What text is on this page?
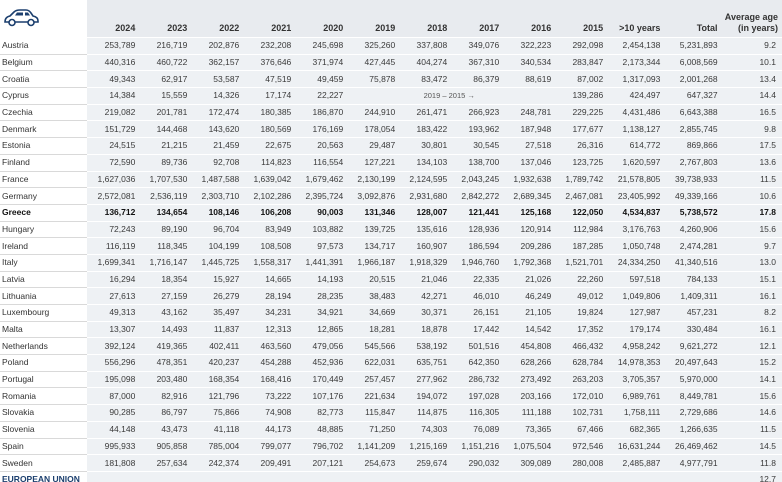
	2024	2023	2022	2021	2020	2019	2018	2017	2016	2015	>10 years	Total	Average age
(in years)
Austria	253,789	216,719	202,876	232,208	245,698	325,260	337,808	349,076	322,223	292,098	2,454,138	5,231,893	9.2
Belgium	440,316	460,722	362,157	376,646	371,974	427,445	404,274	367,310	340,534	283,847	2,173,344	6,008,569	10.1
Croatia	49,343	62,917	53,587	47,519	49,459	75,878	83,472	86,379	88,619	87,002	1,317,093	2,001,268	13.4
Cyprus	14,384	15,559	14,326	17,174	22,227	2019 – 2015 →				139,286	424,497	647,327	14.4
Czechia	219,082	201,781	172,474	180,385	186,870	244,910	261,471	266,923	248,781	229,225	4,431,486	6,643,388	16.5
Denmark	151,729	144,468	143,620	180,569	176,169	178,054	183,422	193,962	187,948	177,677	1,138,127	2,855,745	9.8
Estonia	24,515	21,215	21,459	22,675	20,563	29,487	30,801	30,545	27,518	26,316	614,772	869,866	17.5
Finland	72,590	89,736	92,708	114,823	116,554	127,221	134,103	138,700	137,046	123,725	1,620,597	2,767,803	13.6
France	1,627,036	1,707,530	1,487,588	1,639,042	1,679,462	2,130,199	2,124,595	2,043,245	1,932,638	1,789,742	21,578,805	39,738,933	11.5
Germany	2,572,081	2,536,119	2,303,710	2,102,286	2,395,724	3,092,876	2,931,680	2,842,272	2,689,345	2,467,081	23,405,992	49,339,166	10.6
Greece	136,712	134,654	108,146	106,208	90,003	131,346	128,007	121,441	125,168	122,050	4,534,837	5,738,572	17.8
Hungary	72,243	89,190	96,704	83,949	103,882	139,725	135,616	128,936	120,914	112,984	3,176,763	4,260,906	15.6
Ireland	116,119	118,345	104,199	108,508	97,573	134,717	160,907	186,594	209,286	187,285	1,050,748	2,474,281	9.7
Italy	1,699,341	1,716,147	1,445,725	1,558,317	1,441,391	1,966,187	1,918,329	1,946,760	1,792,368	1,521,701	24,334,250	41,340,516	13.0
Latvia	16,294	18,354	15,927	14,665	14,193	20,515	21,046	22,335	21,026	22,260	597,518	784,133	15.1
Lithuania	27,613	27,159	26,279	28,194	28,235	38,483	42,271	46,010	46,249	49,012	1,049,806	1,409,311	16.1
Luxembourg	49,313	43,162	35,497	34,231	34,921	34,669	30,371	26,151	21,105	19,824	127,987	457,231	8.2
Malta	13,307	14,493	11,837	12,313	12,865	18,281	18,878	17,442	14,542	17,352	179,174	330,484	16.1
Netherlands	392,124	419,365	402,411	463,560	479,056	545,566	538,192	501,516	454,808	466,432	4,958,242	9,621,272	12.1
Poland	556,296	478,351	420,237	454,288	452,936	622,031	635,751	642,350	628,266	628,784	14,978,353	20,497,643	15.2
Portugal	195,098	203,480	168,354	168,416	170,449	257,457	277,962	286,732	273,492	263,203	3,705,357	5,970,000	14.1
Romania	87,000	82,916	121,796	73,222	107,176	221,634	194,072	197,028	203,166	172,010	6,989,761	8,449,781	15.6
Slovakia	90,285	86,797	75,866	74,908	82,773	115,847	114,875	116,305	111,188	102,731	1,758,111	2,729,686	14.6
Slovenia	44,148	43,473	41,118	44,173	48,885	71,250	74,303	76,089	73,365	67,466	682,365	1,266,635	11.5
Spain	995,933	905,858	785,004	799,077	796,702	1,141,209	1,215,169	1,151,216	1,075,504	972,546	16,631,244	26,469,462	14.5
Sweden	181,808	257,634	242,374	209,491	207,121	254,673	259,674	290,032	309,089	280,008	2,485,887	4,977,791	11.8
EUROPEAN UNION													12.7
